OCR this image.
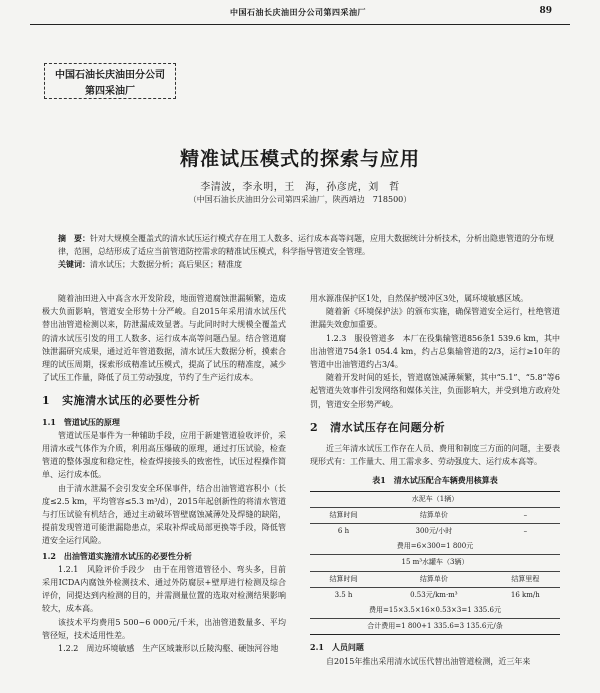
中国石油长庆油田分公司第四采油厂	89
中国石油长庆油田分公司
第四采油厂
精准试压模式的探索与应用
李清波，李永明，王　海，孙彦虎，刘　哲
（中国石油长庆油田分公司第四采油厂，陕西靖边　718500）
摘　要：针对大规模全覆盖式的清水试压运行模式存在用工人数多、运行成本高等问题，应用大数据统计分析技术，分析出隐患管道的分布规律，范围，总结形成了适应当前管道防控需求的精准试压模式，科学指导管道安全管理。
关键词：清水试压；大数据分析；高后果区；精准度

随着油田进入中高含水开发阶段，地面管道腐蚀泄漏频繁，造成极大负面影响，管道安全形势十分严峻。自2015年采用清水试压代替出油管道检测以来，防泄漏成效显著。与此同时时大规模全覆盖式的清水试压引发的用工人数多、运行成本高等问题凸显。结合管道腐蚀泄漏研究成果，通过近年管道数据，清水试压大数据分析，摸索合理的试压周期，探索形成精准试压模式，提高了试压的精准度，减少了试压工作量，降低了员工劳动强度，节约了生产运行成本。

1 实施清水试压的必要性分析
1.1　管道试压的原理

管道试压是事件为一种辅助手段，应用于新建管道验收评价，采用清水或气体作为介质，利用高压爆破的原理，通过打压试验，检查管道的整体强度和稳定性，检查焊接接头的致密性，试压过程操作简单、运行成本低。

由于清水泄漏不会引发安全环保事件，结合出油管道容积小（长度≤2.5 km，平均管容≤5.3 m³/d），2015年起创新性的将清水管道与打压试验有机结合，通过主动破坏管壁腐蚀减薄处及焊缝的缺陷，提前发现管道可能泄漏隐患点，采取补焊或局部更换等手段，降低管道安全运行风险。

1.2　出油管道实施清水试压的必要性分析

1.2.1　风险评价手段少　由于在用管道管径小、弯头多，目前采用ICDA内腐蚀外检测技术、通过外防腐层+壁厚进行检测及综合评价，同提达到内检测的目的，并需测量位置的选取对检测结果影响较大，成本高。

该技术平均费用5 500~6 000元/千米，出油管道数量多、平均管径短，技术适用性差。

1.2.2　周边环境敏感　生产区域兼形以丘陵沟壑、硬蚀河谷地

用水源准保护区1处，自然保护缓冲区3处，属环境敏感区域。

随着新《环境保护法》的颁布实施，确保管道安全运行，杜绝管道泄漏失效愈加重要。

1.2.3　服役管道多　本厂在役集输管道856条1 539.6 km，其中出油管道754条1 054.4 km，约占总集输管道的2/3，运行≥10年的管道中出油管道约占3/4。

随着开发时间的延长，管道腐蚀减薄频繁，其中“5.1”、“5.8”等6起管道失效事件引发网络和媒体关注，负面影响大，并受到地方政府处罚，管道安全形势严峻。

2 清水试压存在问题分析

近三年清水试压工作存在人员、费用和制度三方面的问题，主要表现形式有：工作量大、用工需求多、劳动强度大、运行成本高等。

表1　清水试压配合车辆费用核算表
水泥车（1辆）		
结算时间	结算单价	–
6 h	300元/小时	–
费用=6×300=1 800元		
15 m³水罐车（3辆）		
结算时间	结算单价	结算里程
3.5 h	0.53元/km·m³	16 km/h
费用=15×3.5×16×0.53×3=1 335.6元		
合计费用=1 800+1 335.6=3 135.6元/条		
2.1　人员问题

自2015年推出采用清水试压代替出油管道检测，近三年来
